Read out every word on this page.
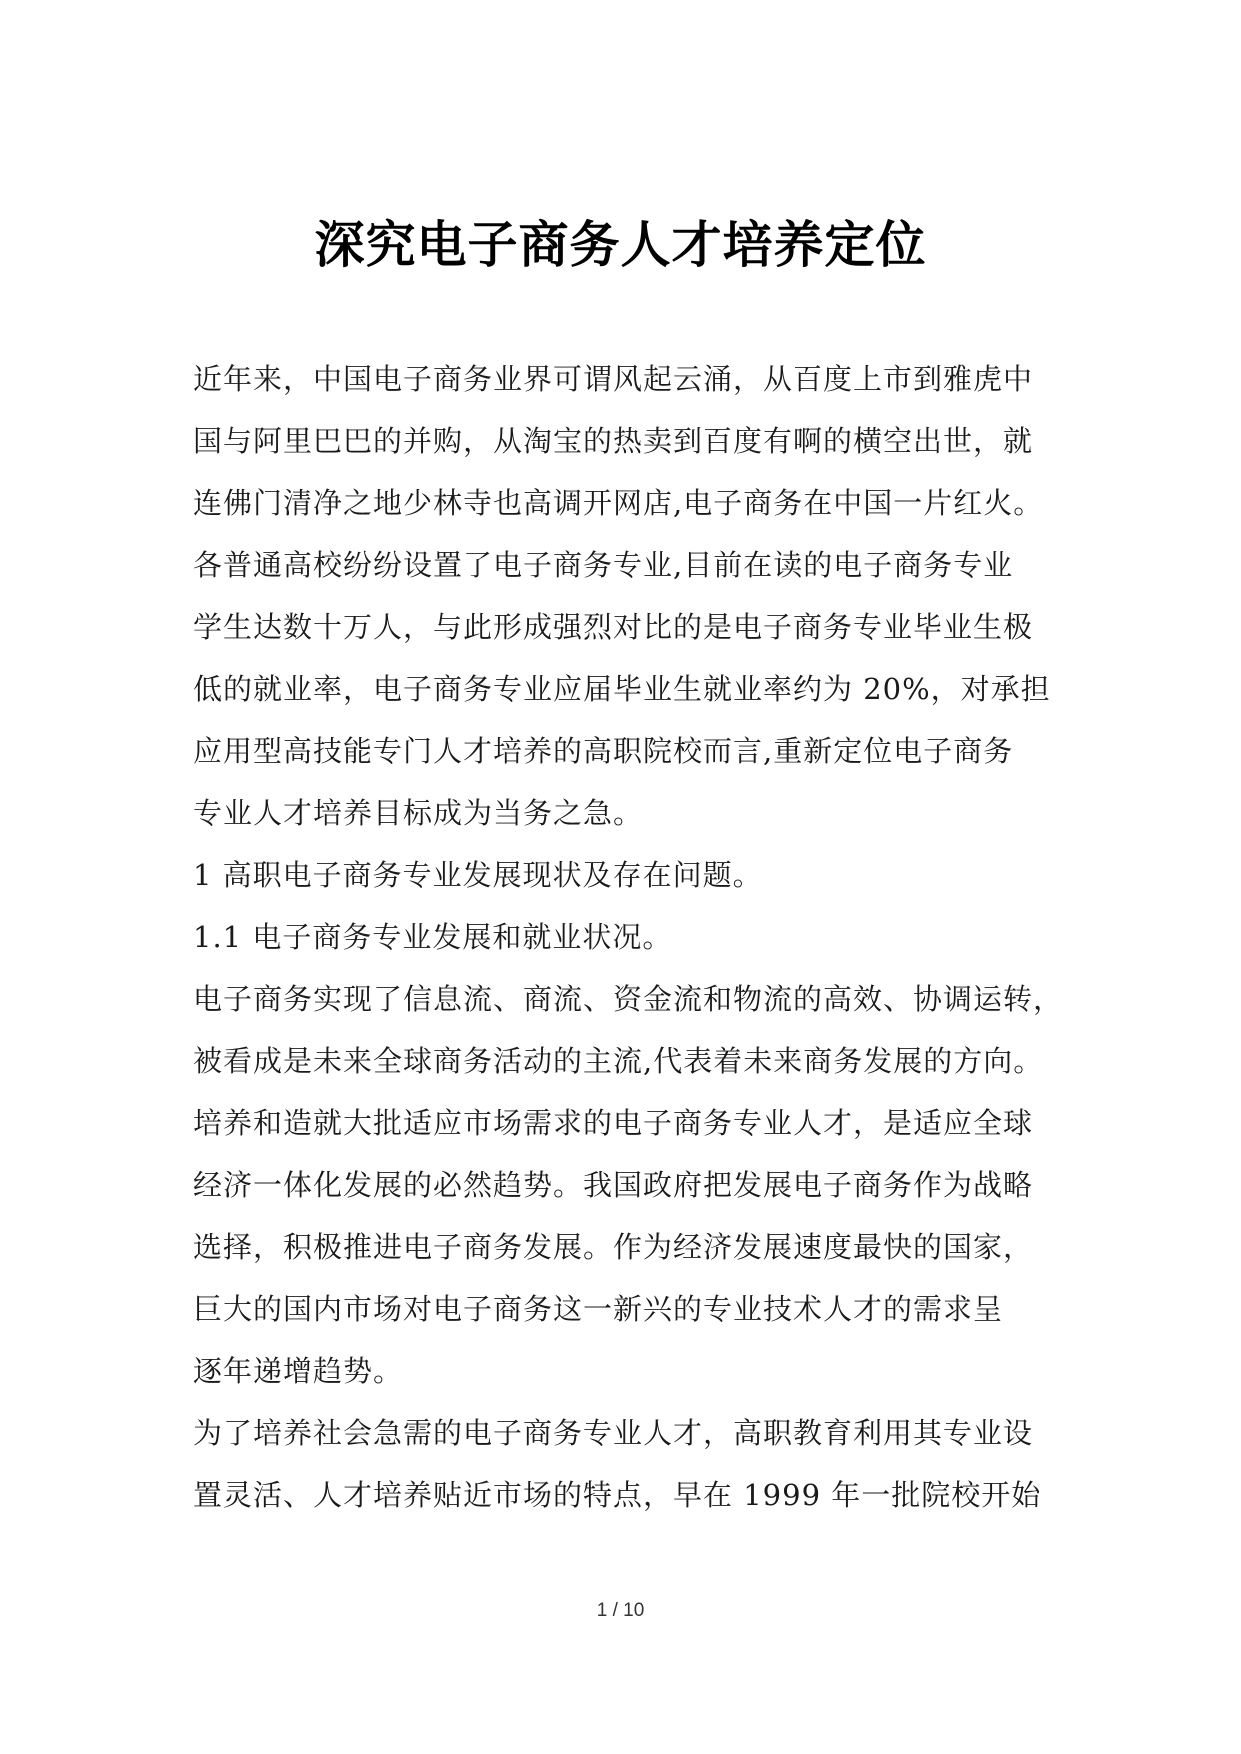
深究电子商务人才培养定位
近年来，中国电子商务业界可谓风起云涌，从百度上市到雅虎中
国与阿里巴巴的并购，从淘宝的热卖到百度有啊的横空出世，就
连佛门清净之地少林寺也高调开网店,电子商务在中国一片红火。
各普通高校纷纷设置了电子商务专业,目前在读的电子商务专业
学生达数十万人，与此形成强烈对比的是电子商务专业毕业生极
低的就业率，电子商务专业应届毕业生就业率约为 20%，对承担
应用型高技能专门人才培养的高职院校而言,重新定位电子商务
专业人才培养目标成为当务之急。
1 高职电子商务专业发展现状及存在问题。
1.1 电子商务专业发展和就业状况。
电子商务实现了信息流、商流、资金流和物流的高效、协调运转，
被看成是未来全球商务活动的主流,代表着未来商务发展的方向。
培养和造就大批适应市场需求的电子商务专业人才，是适应全球
经济一体化发展的必然趋势。我国政府把发展电子商务作为战略
选择，积极推进电子商务发展。作为经济发展速度最快的国家，
巨大的国内市场对电子商务这一新兴的专业技术人才的需求呈
逐年递增趋势。
为了培养社会急需的电子商务专业人才，高职教育利用其专业设
置灵活、人才培养贴近市场的特点，早在 1999 年一批院校开始
1 / 10
